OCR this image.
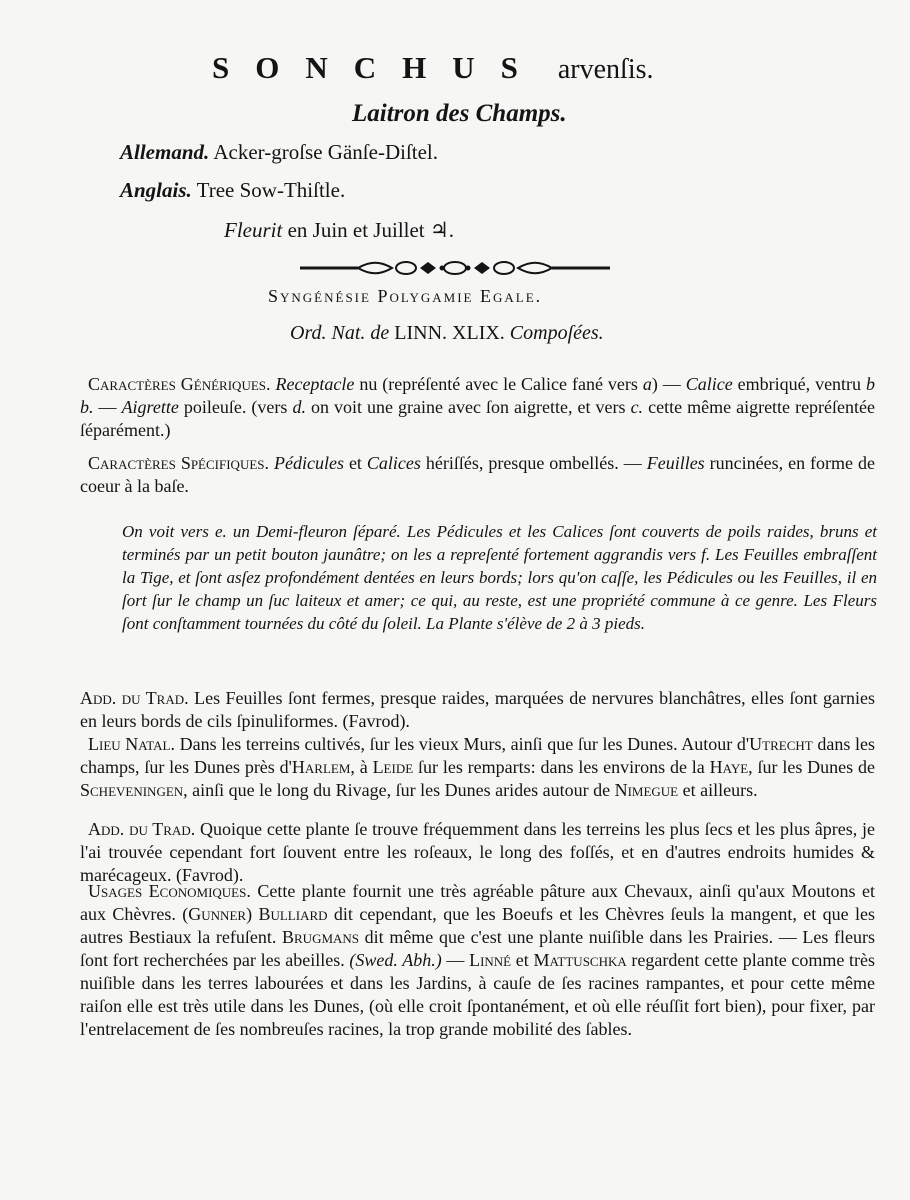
SONCHUS arvenſis.
Laitron des Champs.
Allemand. Acker-groſse Gänſe-Diſtel.
Anglais. Tree Sow-Thiſtle.
Fleurit en Juin et Juillet ♃.
Syngénésie Polygamie Egale.
Ord. Nat. de LINN. XLIX. Compoſées.
Caractères Génériques. Receptacle nu (repréſenté avec le Calice fané vers a) — Calice embriqué, ventru b b. — Aigrette poileuſe. (vers d. on voit une graine avec ſon aigrette, et vers c. cette même aigrette repréſentée ſéparément.)
Caractères Spécifiques. Pédicules et Calices hériſſés, presque ombellés. — Feuilles runcinées, en forme de coeur à la baſe.
On voit vers e. un Demi-fleuron ſéparé. Les Pédicules et les Calices ſont couverts de poils raides, bruns et terminés par un petit bouton jaunâtre; on les a repreſenté fortement aggrandis vers f. Les Feuilles embraſſent la Tige, et ſont asſez profondément dentées en leurs bords; lors qu'on caſſe, les Pédicules ou les Feuilles, il en ſort ſur le champ un ſuc laiteux et amer; ce qui, au reste, est une propriété commune à ce genre. Les Fleurs ſont conſtamment tournées du côté du ſoleil. La Plante s'élève de 2 à 3 pieds.
Add. du Trad. Les Feuilles ſont fermes, presque raides, marquées de nervures blanchâtres, elles ſont garnies en leurs bords de cils ſpinuliformes. (Favrod).
Lieu Natal. Dans les terreins cultivés, ſur les vieux Murs, ainſi que ſur les Dunes. Autour d'Utrecht dans les champs, ſur les Dunes près d'Harlem, à Leide ſur les remparts: dans les environs de la Haye, ſur les Dunes de Scheveningen, ainſi que le long du Rivage, ſur les Dunes arides autour de Nimegue et ailleurs.
Add. du Trad. Quoique cette plante ſe trouve fréquemment dans les terreins les plus ſecs et les plus âpres, je l'ai trouvée cependant fort ſouvent entre les roſeaux, le long des foſſés, et en d'autres endroits humides & marécageux. (Favrod).
Usages Economiques. Cette plante fournit une très agréable pâture aux Chevaux, ainſi qu'aux Moutons et aux Chèvres. (Gunner) Bulliard dit cependant, que les Boeufs et les Chèvres ſeuls la mangent, et que les autres Bestiaux la refuſent. Brugmans dit même que c'est une plante nuiſible dans les Prairies. — Les fleurs ſont fort recherchées par les abeilles. (Swed. Abh.) — Linné et Mattuschka regardent cette plante comme très nuiſible dans les terres labourées et dans les Jardins, à cauſe de ſes racines rampantes, et pour cette même raiſon elle est très utile dans les Dunes, (où elle croit ſpontanément, et où elle réuſſit fort bien), pour fixer, par l'entrelacement de ſes nombreuſes racines, la trop grande mobilité des ſables.
